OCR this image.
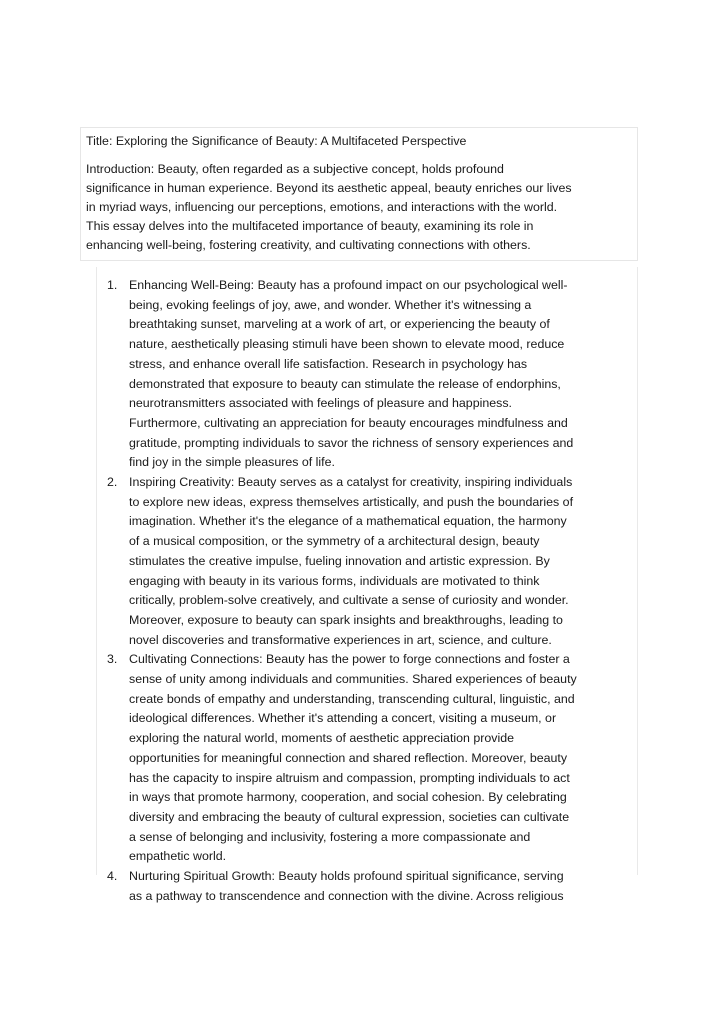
Title: Exploring the Significance of Beauty: A Multifaceted Perspective

Introduction: Beauty, often regarded as a subjective concept, holds profound
significance in human experience. Beyond its aesthetic appeal, beauty enriches our lives
in myriad ways, influencing our perceptions, emotions, and interactions with the world.
This essay delves into the multifaceted importance of beauty, examining its role in
enhancing well-being, fostering creativity, and cultivating connections with others.

1. Enhancing Well-Being: Beauty has a profound impact on our psychological well-
being, evoking feelings of joy, awe, and wonder. Whether it's witnessing a
breathtaking sunset, marveling at a work of art, or experiencing the beauty of
nature, aesthetically pleasing stimuli have been shown to elevate mood, reduce
stress, and enhance overall life satisfaction. Research in psychology has
demonstrated that exposure to beauty can stimulate the release of endorphins,
neurotransmitters associated with feelings of pleasure and happiness.
Furthermore, cultivating an appreciation for beauty encourages mindfulness and
gratitude, prompting individuals to savor the richness of sensory experiences and
find joy in the simple pleasures of life.
2. Inspiring Creativity: Beauty serves as a catalyst for creativity, inspiring individuals
to explore new ideas, express themselves artistically, and push the boundaries of
imagination. Whether it's the elegance of a mathematical equation, the harmony
of a musical composition, or the symmetry of a architectural design, beauty
stimulates the creative impulse, fueling innovation and artistic expression. By
engaging with beauty in its various forms, individuals are motivated to think
critically, problem-solve creatively, and cultivate a sense of curiosity and wonder.
Moreover, exposure to beauty can spark insights and breakthroughs, leading to
novel discoveries and transformative experiences in art, science, and culture.
3. Cultivating Connections: Beauty has the power to forge connections and foster a
sense of unity among individuals and communities. Shared experiences of beauty
create bonds of empathy and understanding, transcending cultural, linguistic, and
ideological differences. Whether it's attending a concert, visiting a museum, or
exploring the natural world, moments of aesthetic appreciation provide
opportunities for meaningful connection and shared reflection. Moreover, beauty
has the capacity to inspire altruism and compassion, prompting individuals to act
in ways that promote harmony, cooperation, and social cohesion. By celebrating
diversity and embracing the beauty of cultural expression, societies can cultivate
a sense of belonging and inclusivity, fostering a more compassionate and
empathetic world.
4. Nurturing Spiritual Growth: Beauty holds profound spiritual significance, serving
as a pathway to transcendence and connection with the divine. Across religious
